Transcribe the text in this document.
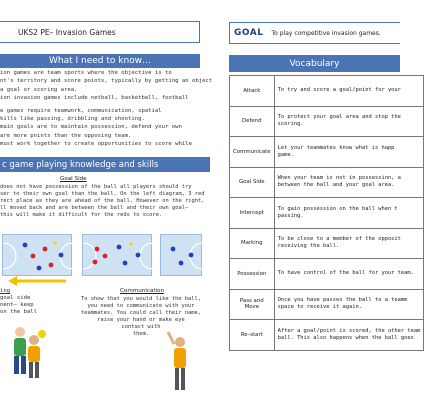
UKS2 PE– Invasion Games
What I need to know…

ion games are team sports where the objective is to

nt's territory and score points, typically by getting an object

a goal or scoring area.

ion invasion games include netball, basketball, football

e games require teamwork, communication, spatial

kills like passing, dribbling and shooting.

main goals are to maintain possession, defend your own

are more points than the opposing team.

must work together to create opportunities to score while

c game playing knowledge and skills
Goal Side

does not have possession of the ball all players should try

ser to their own goal than the ball. On the left diagram, 3 red

rect place as they are ahead of the ball. However on the right,

ll moved back and are between the ball and their own goal–

this will make it difficult for the reds to score.

ing
goal side
nent– keep
on the ball
Communication
To show that you would like the ball,
you need to communicate with your
teammates. You could call their name,
raise your hand or make eye
contact with
them.
GOAL To play competitive invasion games.
Vocabulary
Attack	To try and score a goal/point for your

Defend	To protect your goal area and stop the
scoring.

Communicate	Let your teammates know what is happ
game.

Goal Side	When your team is not in possession, a
between the ball and your goal area.

Intercept	To gain possession on the ball when t
passing.

Marking	To be close to a member of the opposit
receiving the ball.

Possession	To have control of the ball for your team.

Pass and Move	Once you have passes the ball to a teamm
space to receive it again.

Re–start	After a goal/point is scored, the other team
ball. This also happens when the ball goes
